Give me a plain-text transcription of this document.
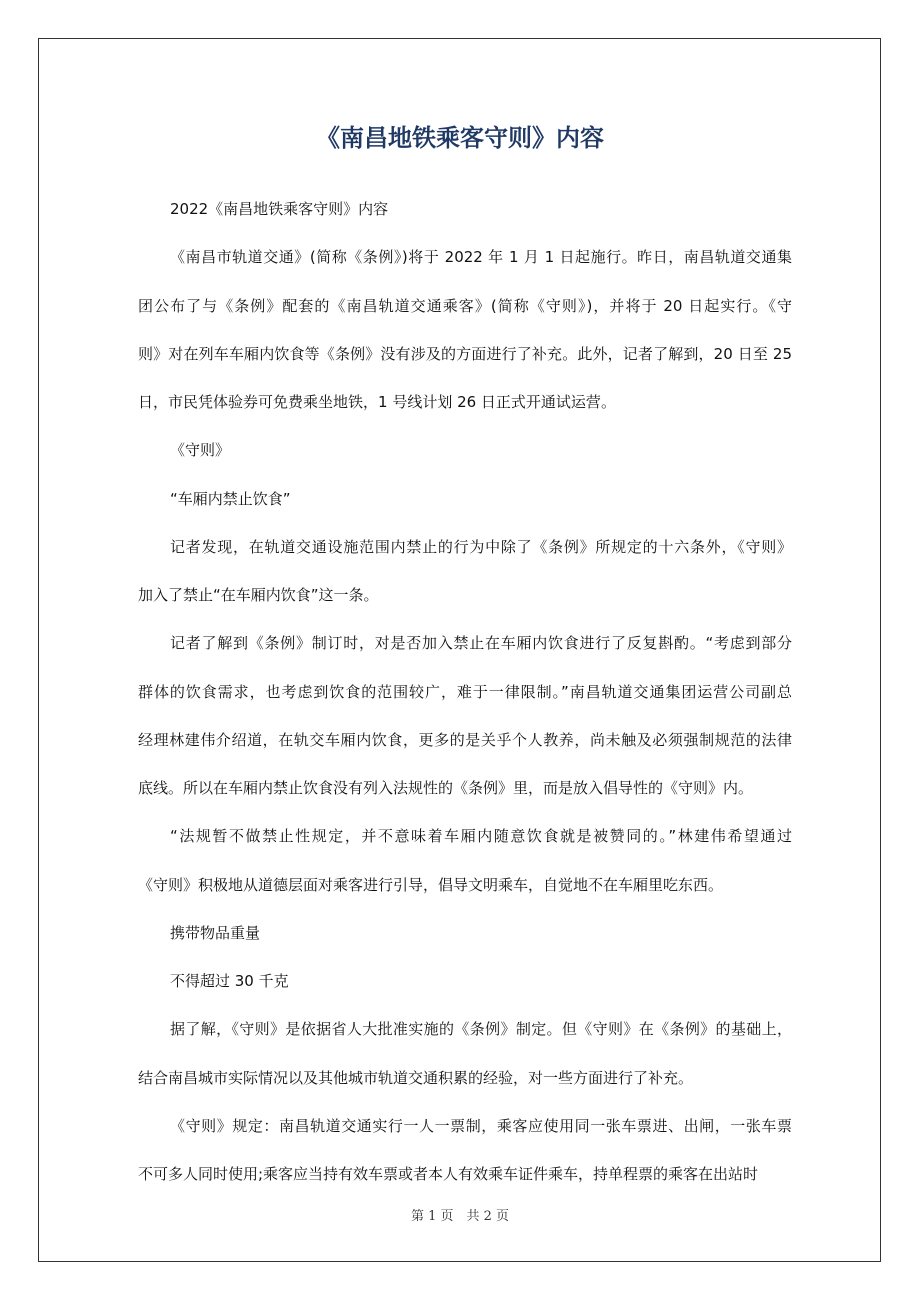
《南昌地铁乘客守则》内容
2022《南昌地铁乘客守则》内容
《南昌市轨道交通》(简称《条例》)将于 2022 年 1 月 1 日起施行。昨日，南昌轨道交通集
团公布了与《条例》配套的《南昌轨道交通乘客》(简称《守则》)，并将于 20 日起实行。《守
则》对在列车车厢内饮食等《条例》没有涉及的方面进行了补充。此外，记者了解到，20 日至 25
日，市民凭体验券可免费乘坐地铁，1 号线计划 26 日正式开通试运营。
《守则》
“车厢内禁止饮食”
记者发现，在轨道交通设施范围内禁止的行为中除了《条例》所规定的十六条外，《守则》
加入了禁止“在车厢内饮食”这一条。
记者了解到《条例》制订时，对是否加入禁止在车厢内饮食进行了反复斟酌。“考虑到部分
群体的饮食需求，也考虑到饮食的范围较广，难于一律限制。”南昌轨道交通集团运营公司副总
经理林建伟介绍道，在轨交车厢内饮食，更多的是关乎个人教养，尚未触及必须强制规范的法律
底线。所以在车厢内禁止饮食没有列入法规性的《条例》里，而是放入倡导性的《守则》内。
“法规暂不做禁止性规定，并不意味着车厢内随意饮食就是被赞同的。”林建伟希望通过
《守则》积极地从道德层面对乘客进行引导，倡导文明乘车，自觉地不在车厢里吃东西。
携带物品重量
不得超过 30 千克
据了解，《守则》是依据省人大批准实施的《条例》制定。但《守则》在《条例》的基础上，
结合南昌城市实际情况以及其他城市轨道交通积累的经验，对一些方面进行了补充。
《守则》规定：南昌轨道交通实行一人一票制，乘客应使用同一张车票进、出闸，一张车票
不可多人同时使用;乘客应当持有效车票或者本人有效乘车证件乘车，持单程票的乘客在出站时
第 1 页　共 2 页
